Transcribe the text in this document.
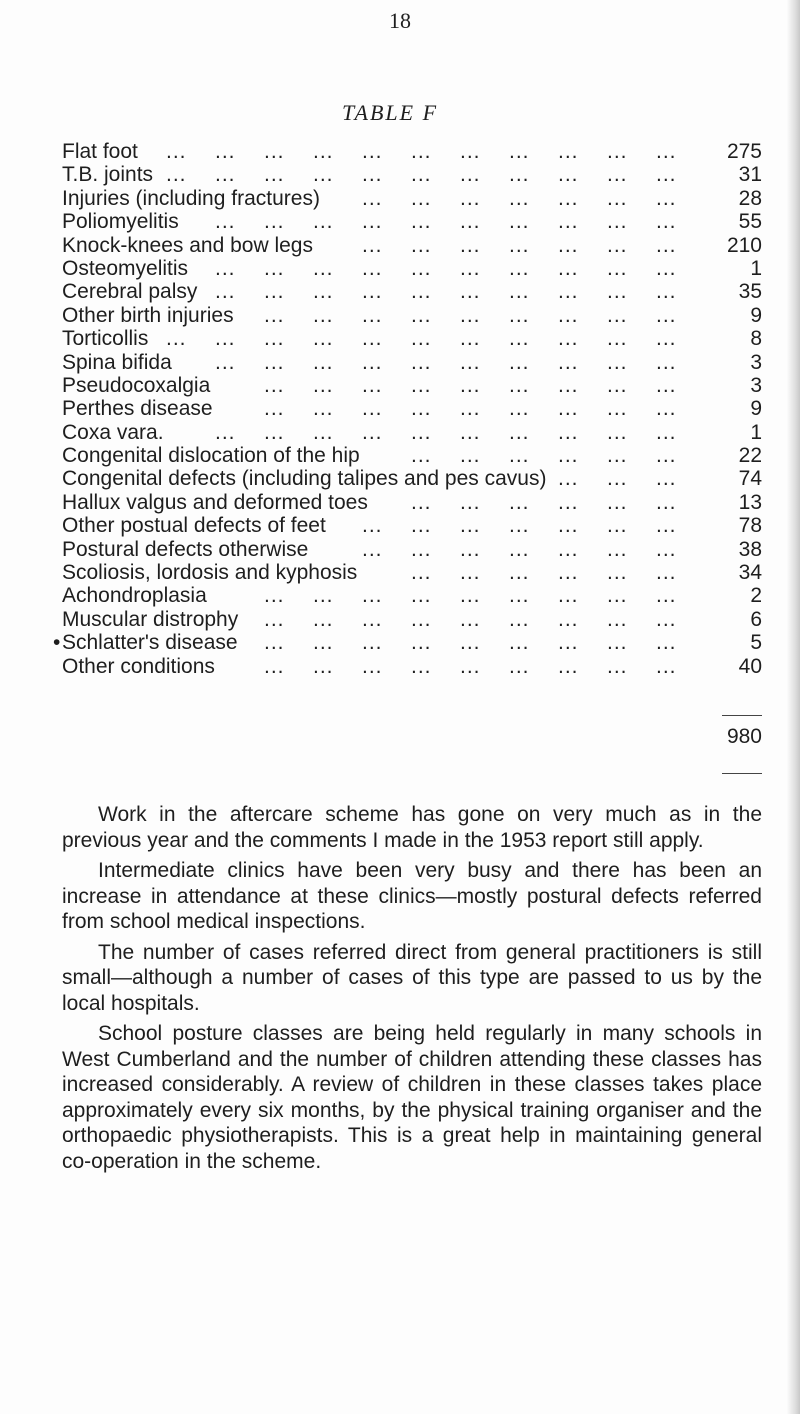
18
TABLE F
Flat foot ... ... ... ... ... ... ... ... ... ... ... 275
T.B. joints ... ... ... ... ... ... ... ... ... ... ...	31
Injuries (including fractures) ... ... ... ... ... ... ...	28
Poliomyelitis ... ... ... ... ... ... ... ... ... ...	55
Knock-knees and bow legs ... ... ... ... ... ... ... 210
Osteomyelitis ... ... ... ... ... ... ... ... ... ...	1
Cerebral palsy ... ... ... ... ... ... ... ... ... ...	35
Other birth injuries ... ... ... ... ... ... ... ... ...	9
Torticollis ... ... ... ... ... ... ... ... ... ... ...	8
Spina bifida ... ... ... ... ... ... ... ... ... ...	3
Pseudocoxalgia	... ... ... ... ... ... ... ... ...	3
Perthes disease ... ... ... ... ... ... ... ... ...	9
Coxa vara. ... ... ... ... ... ... ... ... ... ...	1
Congenital dislocation of the hip ... ... ... ... ... ...	22
Congenital defects (including talipes and pes cavus) ... ... ...	74
Hallux valgus and deformed toes ... ... ... ... ... ...	13
Other postual defects of feet ... ... ... ... ... ... ...	78
Postural defects otherwise	... ... ... ... ... ... ...	38
Scoliosis, lordosis and kyphosis	... ... ... ... ... ...	34
Achondroplasia	... ... ... ... ... ... ... ... ...	2
Muscular distrophy ... ... ... ... ... ... ... ... ...	6
• Schlatter's disease ... ... ... ... ... ... ... ... ...	5
Other conditions ... ... ... ... ... ... ... ... ...	40
980

Work in the aftercare scheme has gone on very much as in the previous year and the comments I made in the 1953 report still apply.

Intermediate clinics have been very busy and there has been an increase in attendance at these clinics—mostly postural defects referred from school medical inspections.

The number of cases referred direct from general practitioners is still small—although a number of cases of this type are passed to us by the local hospitals.

School posture classes are being held regularly in many schools in West Cumberland and the number of children attending these classes has increased considerably. A review of children in these classes takes place approximately every six months, by the physical training organiser and the orthopaedic physiotherapists. This is a great help in maintaining general co-operation in the scheme.
